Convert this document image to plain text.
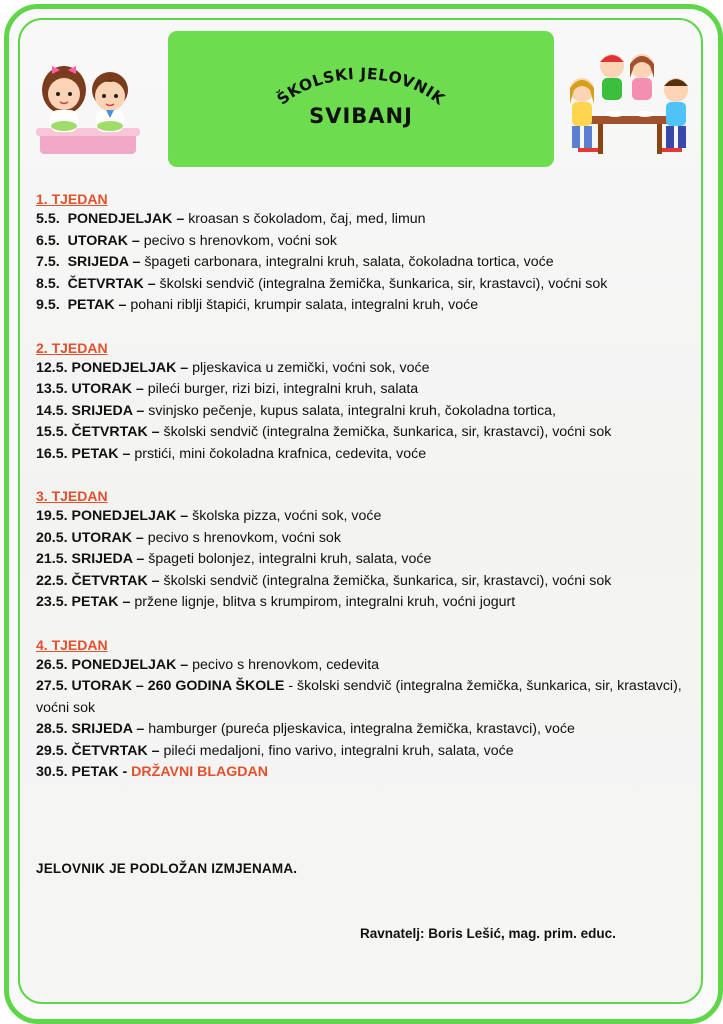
ŠKOLSKI JELOVNIK
SVIBANJ
1. TJEDAN
5.5. PONEDJELJAK – kroasan s čokoladom, čaj, med, limun
6.5. UTORAK – pecivo s hrenovkom, voćni sok
7.5. SRIJEDA – špageti carbonara, integralni kruh, salata, čokoladna tortica, voće
8.5. ČETVRTAK – školski sendvič (integralna žemička, šunkarica, sir, krastavci), voćni sok
9.5. PETAK – pohani riblji štapići, krumpir salata, integralni kruh, voće
2. TJEDAN
12.5. PONEDJELJAK – pljeskavica u zemički, voćni sok, voće
13.5. UTORAK – pileći burger, rizi bizi, integralni kruh, salata
14.5. SRIJEDA – svinjsko pečenje, kupus salata, integralni kruh, čokoladna tortica,
15.5. ČETVRTAK – školski sendvič (integralna žemička, šunkarica, sir, krastavci), voćni sok
16.5. PETAK – prstići, mini čokoladna krafnica, cedevita, voće
3. TJEDAN
19.5. PONEDJELJAK – školska pizza, voćni sok, voće
20.5. UTORAK – pecivo s hrenovkom, voćni sok
21.5. SRIJEDA – špageti bolonjez, integralni kruh, salata, voće
22.5. ČETVRTAK – školski sendvič (integralna žemička, šunkarica, sir, krastavci), voćni sok
23.5. PETAK – pržene lignje, blitva s krumpirom, integralni kruh, voćni jogurt
4. TJEDAN
26.5. PONEDJELJAK – pecivo s hrenovkom, cedevita
27.5. UTORAK – 260 GODINA ŠKOLE - školski sendvič (integralna žemička, šunkarica, sir, krastavci), voćni sok
28.5. SRIJEDA – hamburger (pureća pljeskavica, integralna žemička, krastavci), voće
29.5. ČETVRTAK – pileći medaljoni, fino varivo, integralni kruh, salata, voće
30.5. PETAK - DRŽAVNI BLAGDAN
JELOVNIK JE PODLOŽAN IZMJENAMA.
Ravnatelj: Boris Lešić, mag. prim. educ.
